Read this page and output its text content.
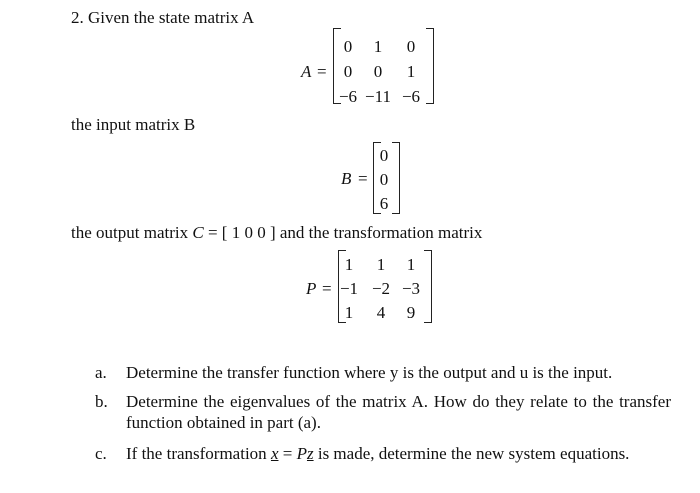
2. Given the state matrix A
A =
0	1	0
0	0	1
−6 −11 −6
the input matrix B
B =
0
0
6
the output matrix C = [ 1 0 0 ] and the transformation matrix
P =
1	1	1
−1 −2 −3
1	4	9
a.	Determine the transfer function where y is the output and u is the input.
b.	Determine the eigenvalues of the matrix A. How do they relate to the transfer function obtained in part (a).
c.	If the transformation x = Pz is made, determine the new system equations.
